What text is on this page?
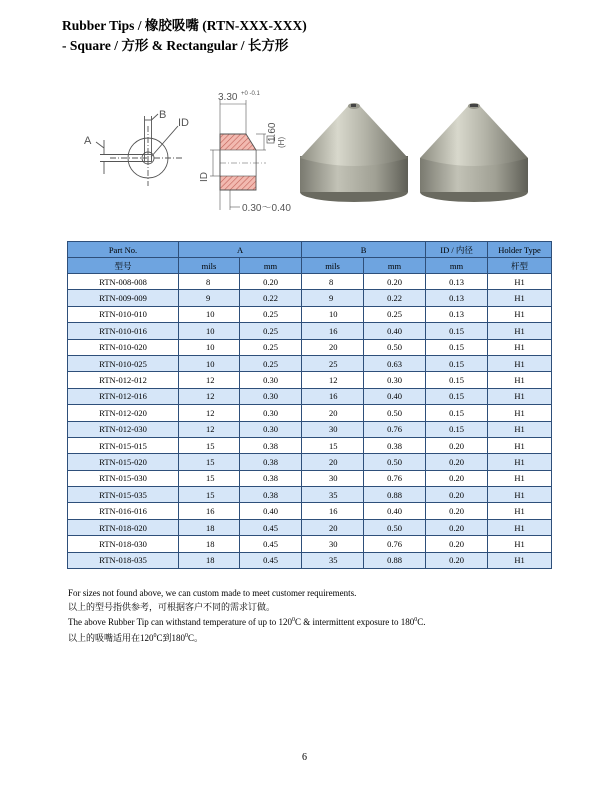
Rubber Tips / 橡胶吸嘴 (RTN-XXX-XXX)
- Square / 方形 & Rectangular / 长方形
B
A
ID
3.30 +0 -0.1
1.60
(H)
ID
0.30～0.40
Part No.	A		B		ID / 内径	Holder Type
型号	mils	mm	mils	mm	mm	杆型
RTN-008-008	8	0.20	8	0.20	0.13	H1
RTN-009-009	9	0.22	9	0.22	0.13	H1
RTN-010-010	10	0.25	10	0.25	0.13	H1
RTN-010-016	10	0.25	16	0.40	0.15	H1
RTN-010-020	10	0.25	20	0.50	0.15	H1
RTN-010-025	10	0.25	25	0.63	0.15	H1
RTN-012-012	12	0.30	12	0.30	0.15	H1
RTN-012-016	12	0.30	16	0.40	0.15	H1
RTN-012-020	12	0.30	20	0.50	0.15	H1
RTN-012-030	12	0.30	30	0.76	0.15	H1
RTN-015-015	15	0.38	15	0.38	0.20	H1
RTN-015-020	15	0.38	20	0.50	0.20	H1
RTN-015-030	15	0.38	30	0.76	0.20	H1
RTN-015-035	15	0.38	35	0.88	0.20	H1
RTN-016-016	16	0.40	16	0.40	0.20	H1
RTN-018-020	18	0.45	20	0.50	0.20	H1
RTN-018-030	18	0.45	30	0.76	0.20	H1
RTN-018-035	18	0.45	35	0.88	0.20	H1
For sizes not found above, we can custom made to meet customer requirements.
以上的型号指供参考，可根据客户不同的需求订做。
The above Rubber Tip can withstand temperature of up to $120^0C$ & intermittent exposure to $180^0C$.
以上的吸嘴适用在$120^0C$到$180^0C$。
6
